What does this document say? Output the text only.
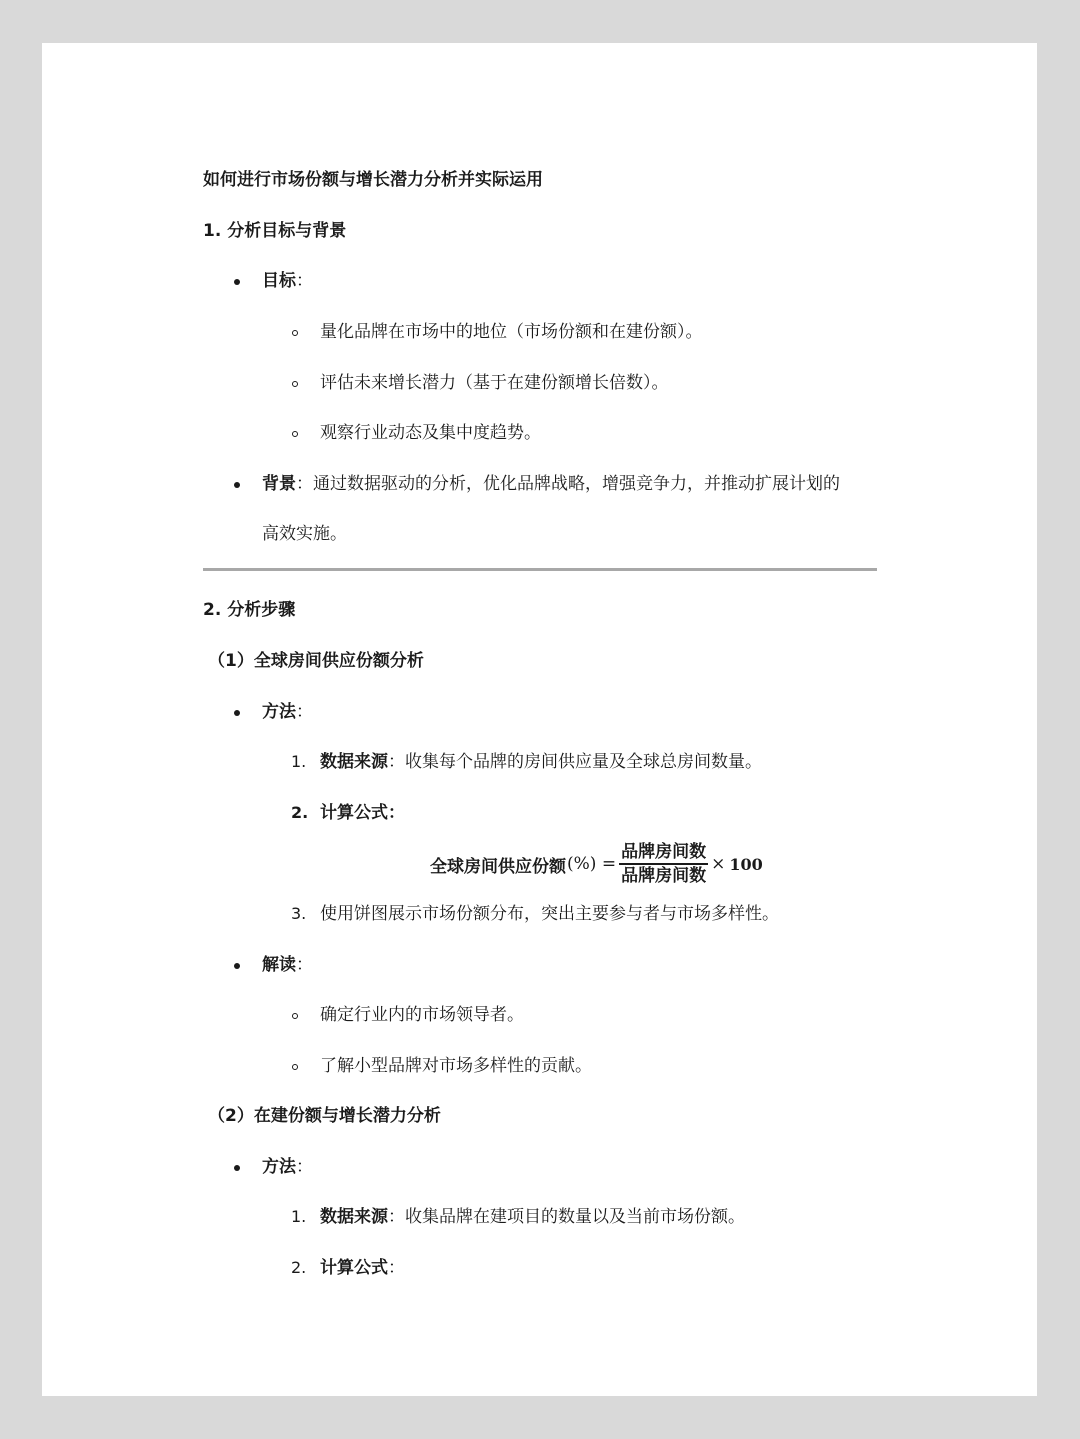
如何进行市场份额与增长潜力分析并实际运用
1. 分析目标与背景
目标：
量化品牌在市场中的地位（市场份额和在建份额）。
评估未来增长潜力（基于在建份额增长倍数）。
观察行业动态及集中度趋势。
背景：通过数据驱动的分析，优化品牌战略，增强竞争力，并推动扩展计划的
高效实施。
2. 分析步骤
（1）全球房间供应份额分析
方法：
1. 数据来源：收集每个品牌的房间供应量及全球总房间数量。
2. 计算公式：
全球房间供应份额 (%) = $\frac{\text{品牌房间数}}{\text{品牌房间数}} \times 100$
3. 使用饼图展示市场份额分布，突出主要参与者与市场多样性。
解读：
确定行业内的市场领导者。
了解小型品牌对市场多样性的贡献。
（2）在建份额与增长潜力分析
方法：
1. 数据来源：收集品牌在建项目的数量以及当前市场份额。
2. 计算公式：
